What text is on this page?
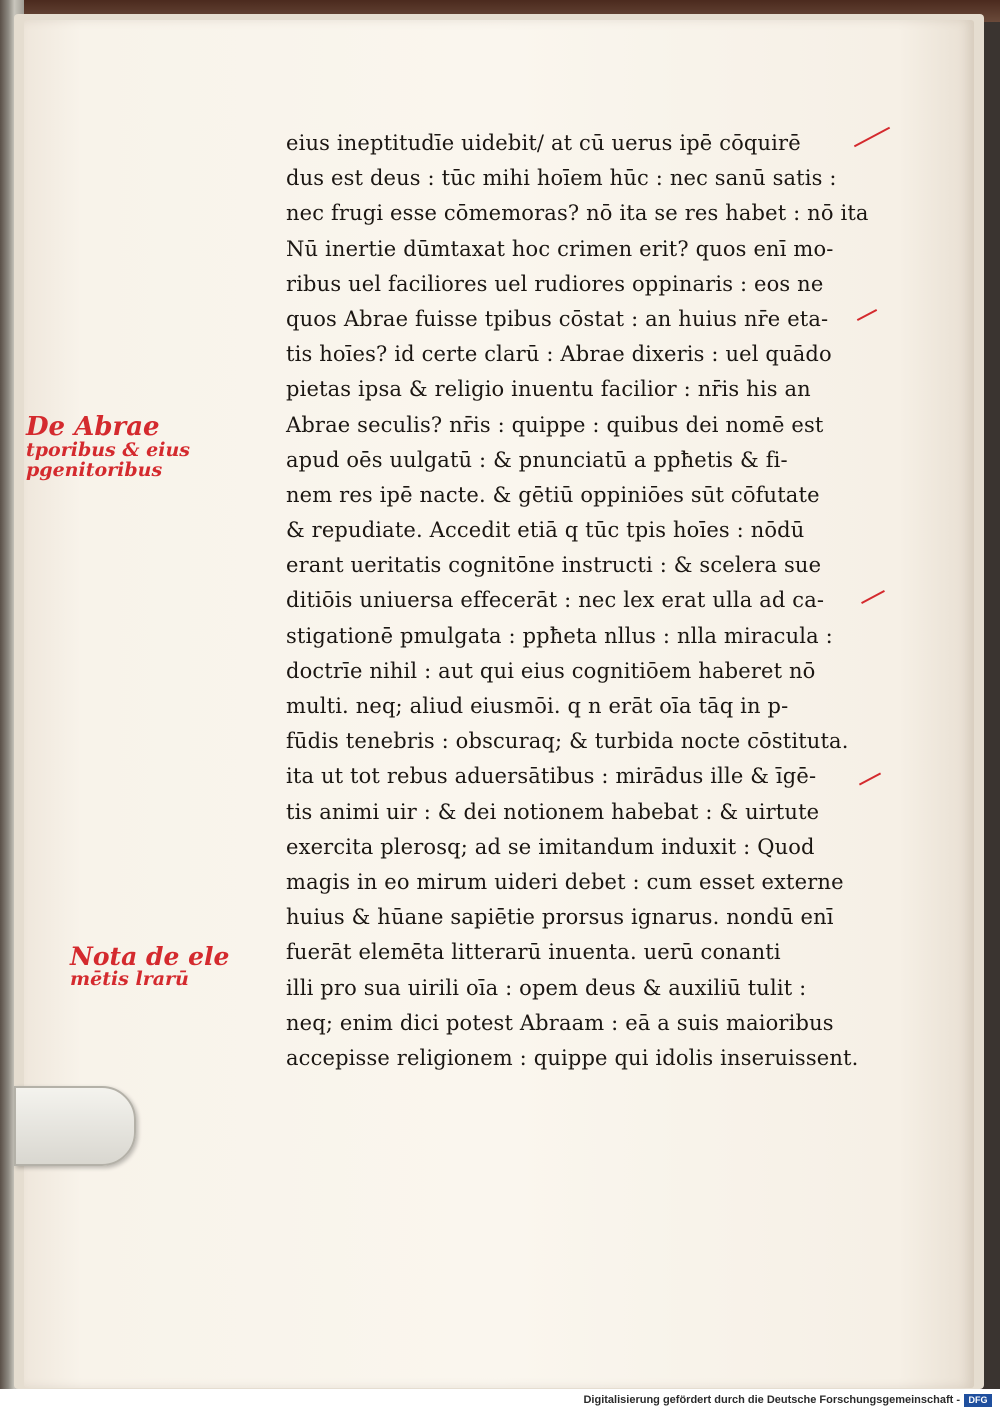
eius ineptitudīe uidebit/ at cū uerus ipē cōquirē
dus est deus : tūc mihi hoīem hūc : nec sanū satis :
nec frugi esse cōmemoras? nō ita se res habet : nō ita
Nū inertie dūmtaxat hoc crimen erit? quos enī mo-
ribus uel faciliores uel rudiores oppinaris : eos ne
quos Abrae fuisse tpibus cōstat : an huius nr̄e eta-
tis hoīes? id certe clarū : Abrae dixeris : uel quādo
pietas ipsa & religio inuentu facilior : nr̄is his an
Abrae seculis? nr̄is : quippe : quibus dei nomē est
apud oēs uulgatū : & pnunciatū a ppħetis & fi-
nem res ipē nacte. & gētiū oppiniōes sūt cōfutate
& repudiate. Accedit etiā q tūc tpis hoīes : nōdū
erant ueritatis cognitōne instructi : & scelera sue
ditiōis uniuersa effecerāt : nec lex erat ulla ad ca-
stigationē pmulgata : ppħeta nllus : nlla miracula :
doctrīe nihil : aut qui eius cognitiōem haberet nō
multi. neq; aliud eiusmōi. q n erāt oīa tāq in p-
fūdis tenebris : obscuraq; & turbida nocte cōstituta.
ita ut tot rebus aduersātibus : mirādus ille & īgē-
tis animi uir : & dei notionem habebat : & uirtute
exercita plerosq; ad se imitandum induxit : Quod
magis in eo mirum uideri debet : cum esset externe
huius & hūane sapiētie prorsus ignarus. nondū enī
fuerāt elemēta litterarū inuenta. uerū conanti
illi pro sua uirili oīa : opem deus & auxiliū tulit :
neq; enim dici potest Abraam : eā a suis maioribus
accepisse religionem : quippe qui idolis inseruissent.
De Abrae
tporibus & eius
pgenitoribus
Nota de ele
mētis lrarū
Digitalisierung gefördert durch die Deutsche Forschungsgemeinschaft - DFG
